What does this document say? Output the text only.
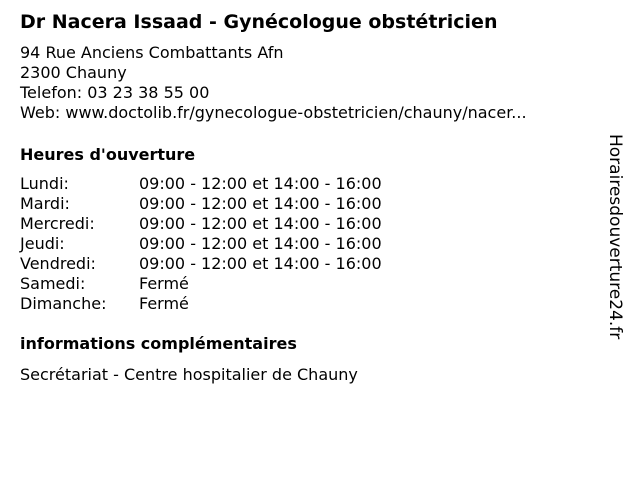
Dr Nacera Issaad - Gynécologue obstétricien
94 Rue Anciens Combattants Afn
2300 Chauny
Telefon: 03 23 38 55 00
Web: www.doctolib.fr/gynecologue-obstetricien/chauny/nacer...
Heures d'ouverture
Lundi:	09:00 - 12:00 et 14:00 - 16:00
Mardi:	09:00 - 12:00 et 14:00 - 16:00
Mercredi:	09:00 - 12:00 et 14:00 - 16:00
Jeudi:	09:00 - 12:00 et 14:00 - 16:00
Vendredi:	09:00 - 12:00 et 14:00 - 16:00
Samedi:	Fermé
Dimanche: Fermé
informations complémentaires
Secrétariat - Centre hospitalier de Chauny
Horairesdouverture24.fr
